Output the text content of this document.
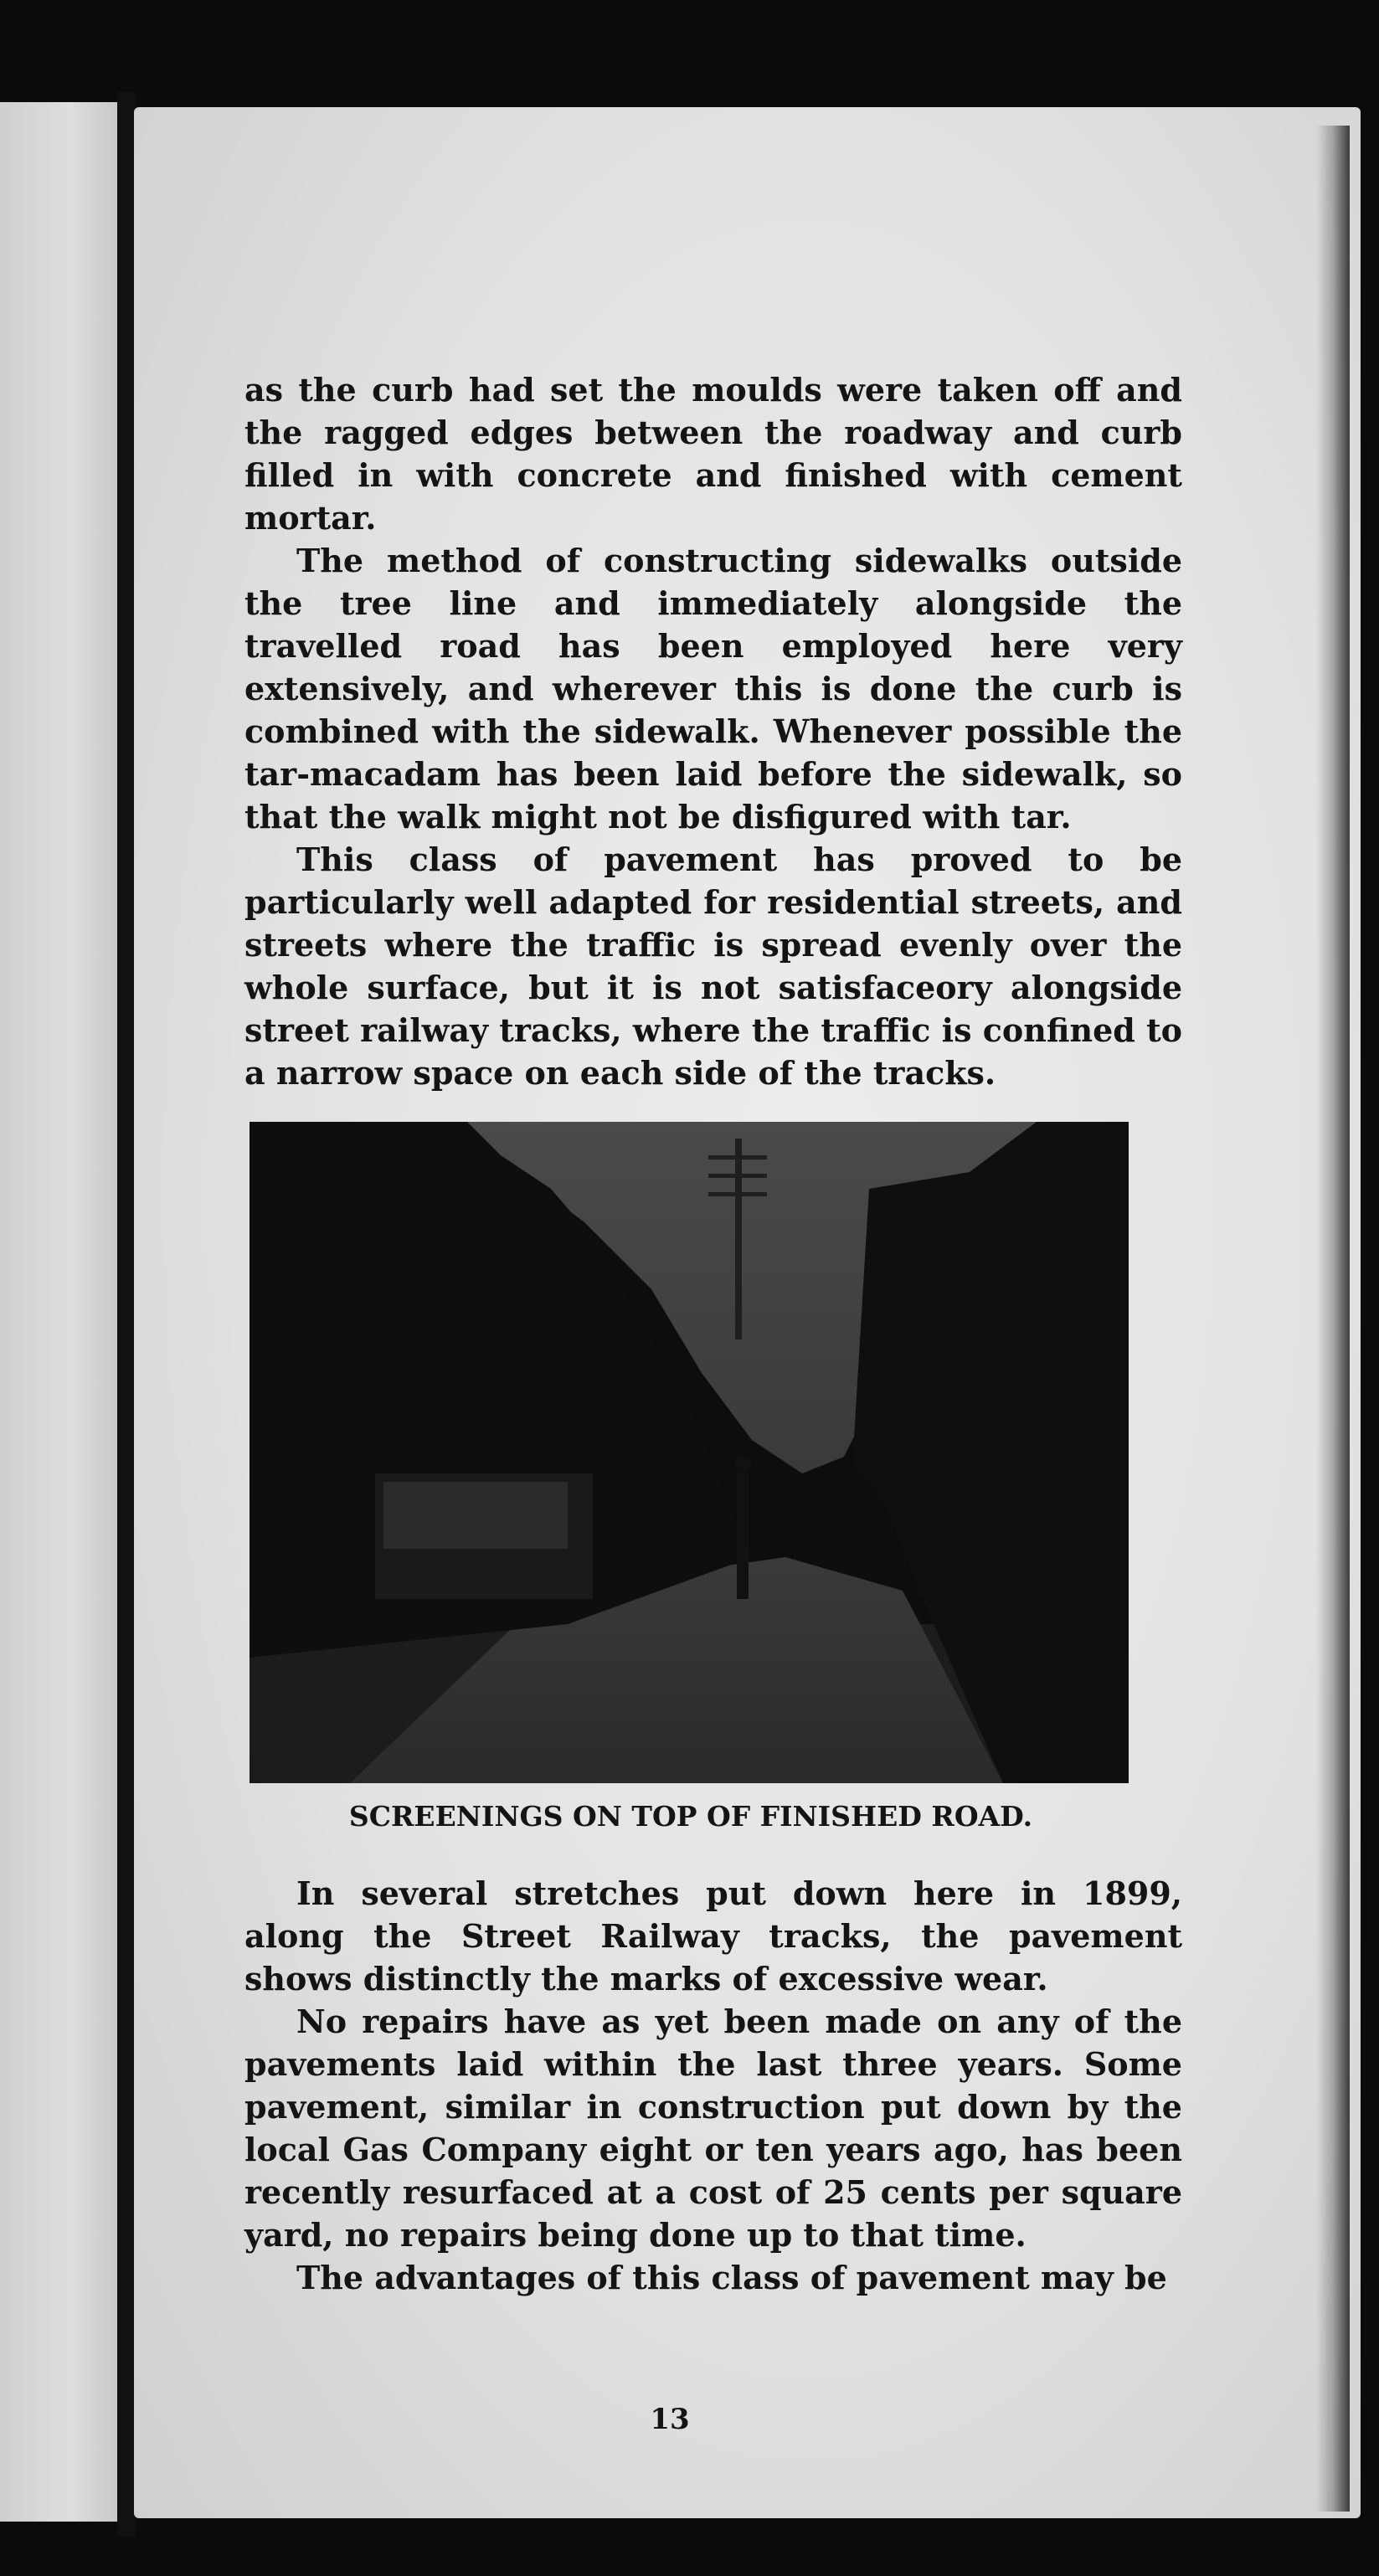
as the curb had set the moulds were taken off and the ragged edges between the roadway and curb filled in with concrete and finished with cement mortar.

The method of constructing sidewalks outside the tree line and immediately alongside the travelled road has been employed here very extensively, and wherever this is done the curb is combined with the sidewalk. Whenever possible the tar-macadam has been laid before the sidewalk, so that the walk might not be disfigured with tar.

This class of pavement has proved to be particularly well adapted for residential streets, and streets where the traffic is spread evenly over the whole surface, but it is not satisfaceory alongside street railway tracks, where the traffic is confined to a narrow space on each side of the tracks.

SCREENINGS ON TOP OF FINISHED ROAD.

In several stretches put down here in 1899, along the Street Railway tracks, the pavement shows distinctly the marks of excessive wear.

No repairs have as yet been made on any of the pavements laid within the last three years. Some pavement, similar in construction put down by the local Gas Company eight or ten years ago, has been recently resurfaced at a cost of 25 cents per square yard, no repairs being done up to that time.

The advantages of this class of pavement may be

13
